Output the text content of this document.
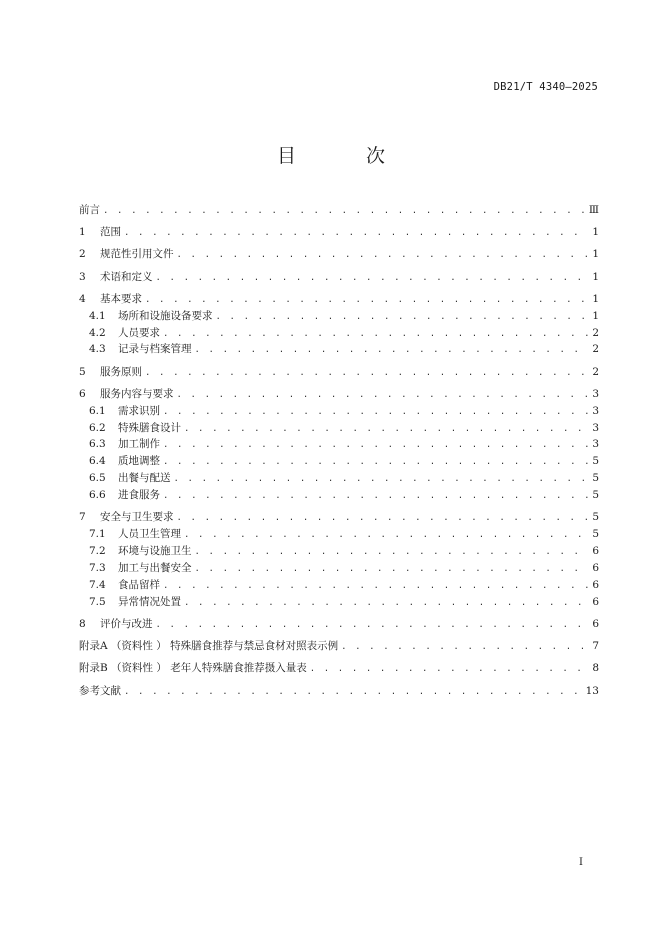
DB21/T 4340—2025
目 次
前言 . . .	Ⅲ
1 范围 . . .	1
2 规范性引用文件 . . .	1
3 术语和定义 . . .	1
4 基本要求 . . .	1
4.1 场所和设施设备要求 . . .	1
4.2 人员要求 . . .	2
4.3 记录与档案管理 . . .	2
5 服务原则 . . .	2
6 服务内容与要求 . . .	3
6.1 需求识别 . . .	3
6.2 特殊膳食设计 . . .	3
6.3 加工制作 . . .	3
6.4 质地调整 . . .	5
6.5 出餐与配送 . . .	5
6.6 进食服务 . . .	5
7 安全与卫生要求 . . .	5
7.1 人员卫生管理 . . .	5
7.2 环境与设施卫生 . . .	6
7.3 加工与出餐安全 . . .	6
7.4 食品留样 . . .	6
7.5 异常情况处置 . . .	6
8 评价与改进 . . .	6
附录A （资料性 ） 特殊膳食推荐与禁忌食材对照表示例 . . .	7
附录B （资料性 ） 老年人特殊膳食推荐摄入量表 . . .	8
参考文献 . . .	13
I
